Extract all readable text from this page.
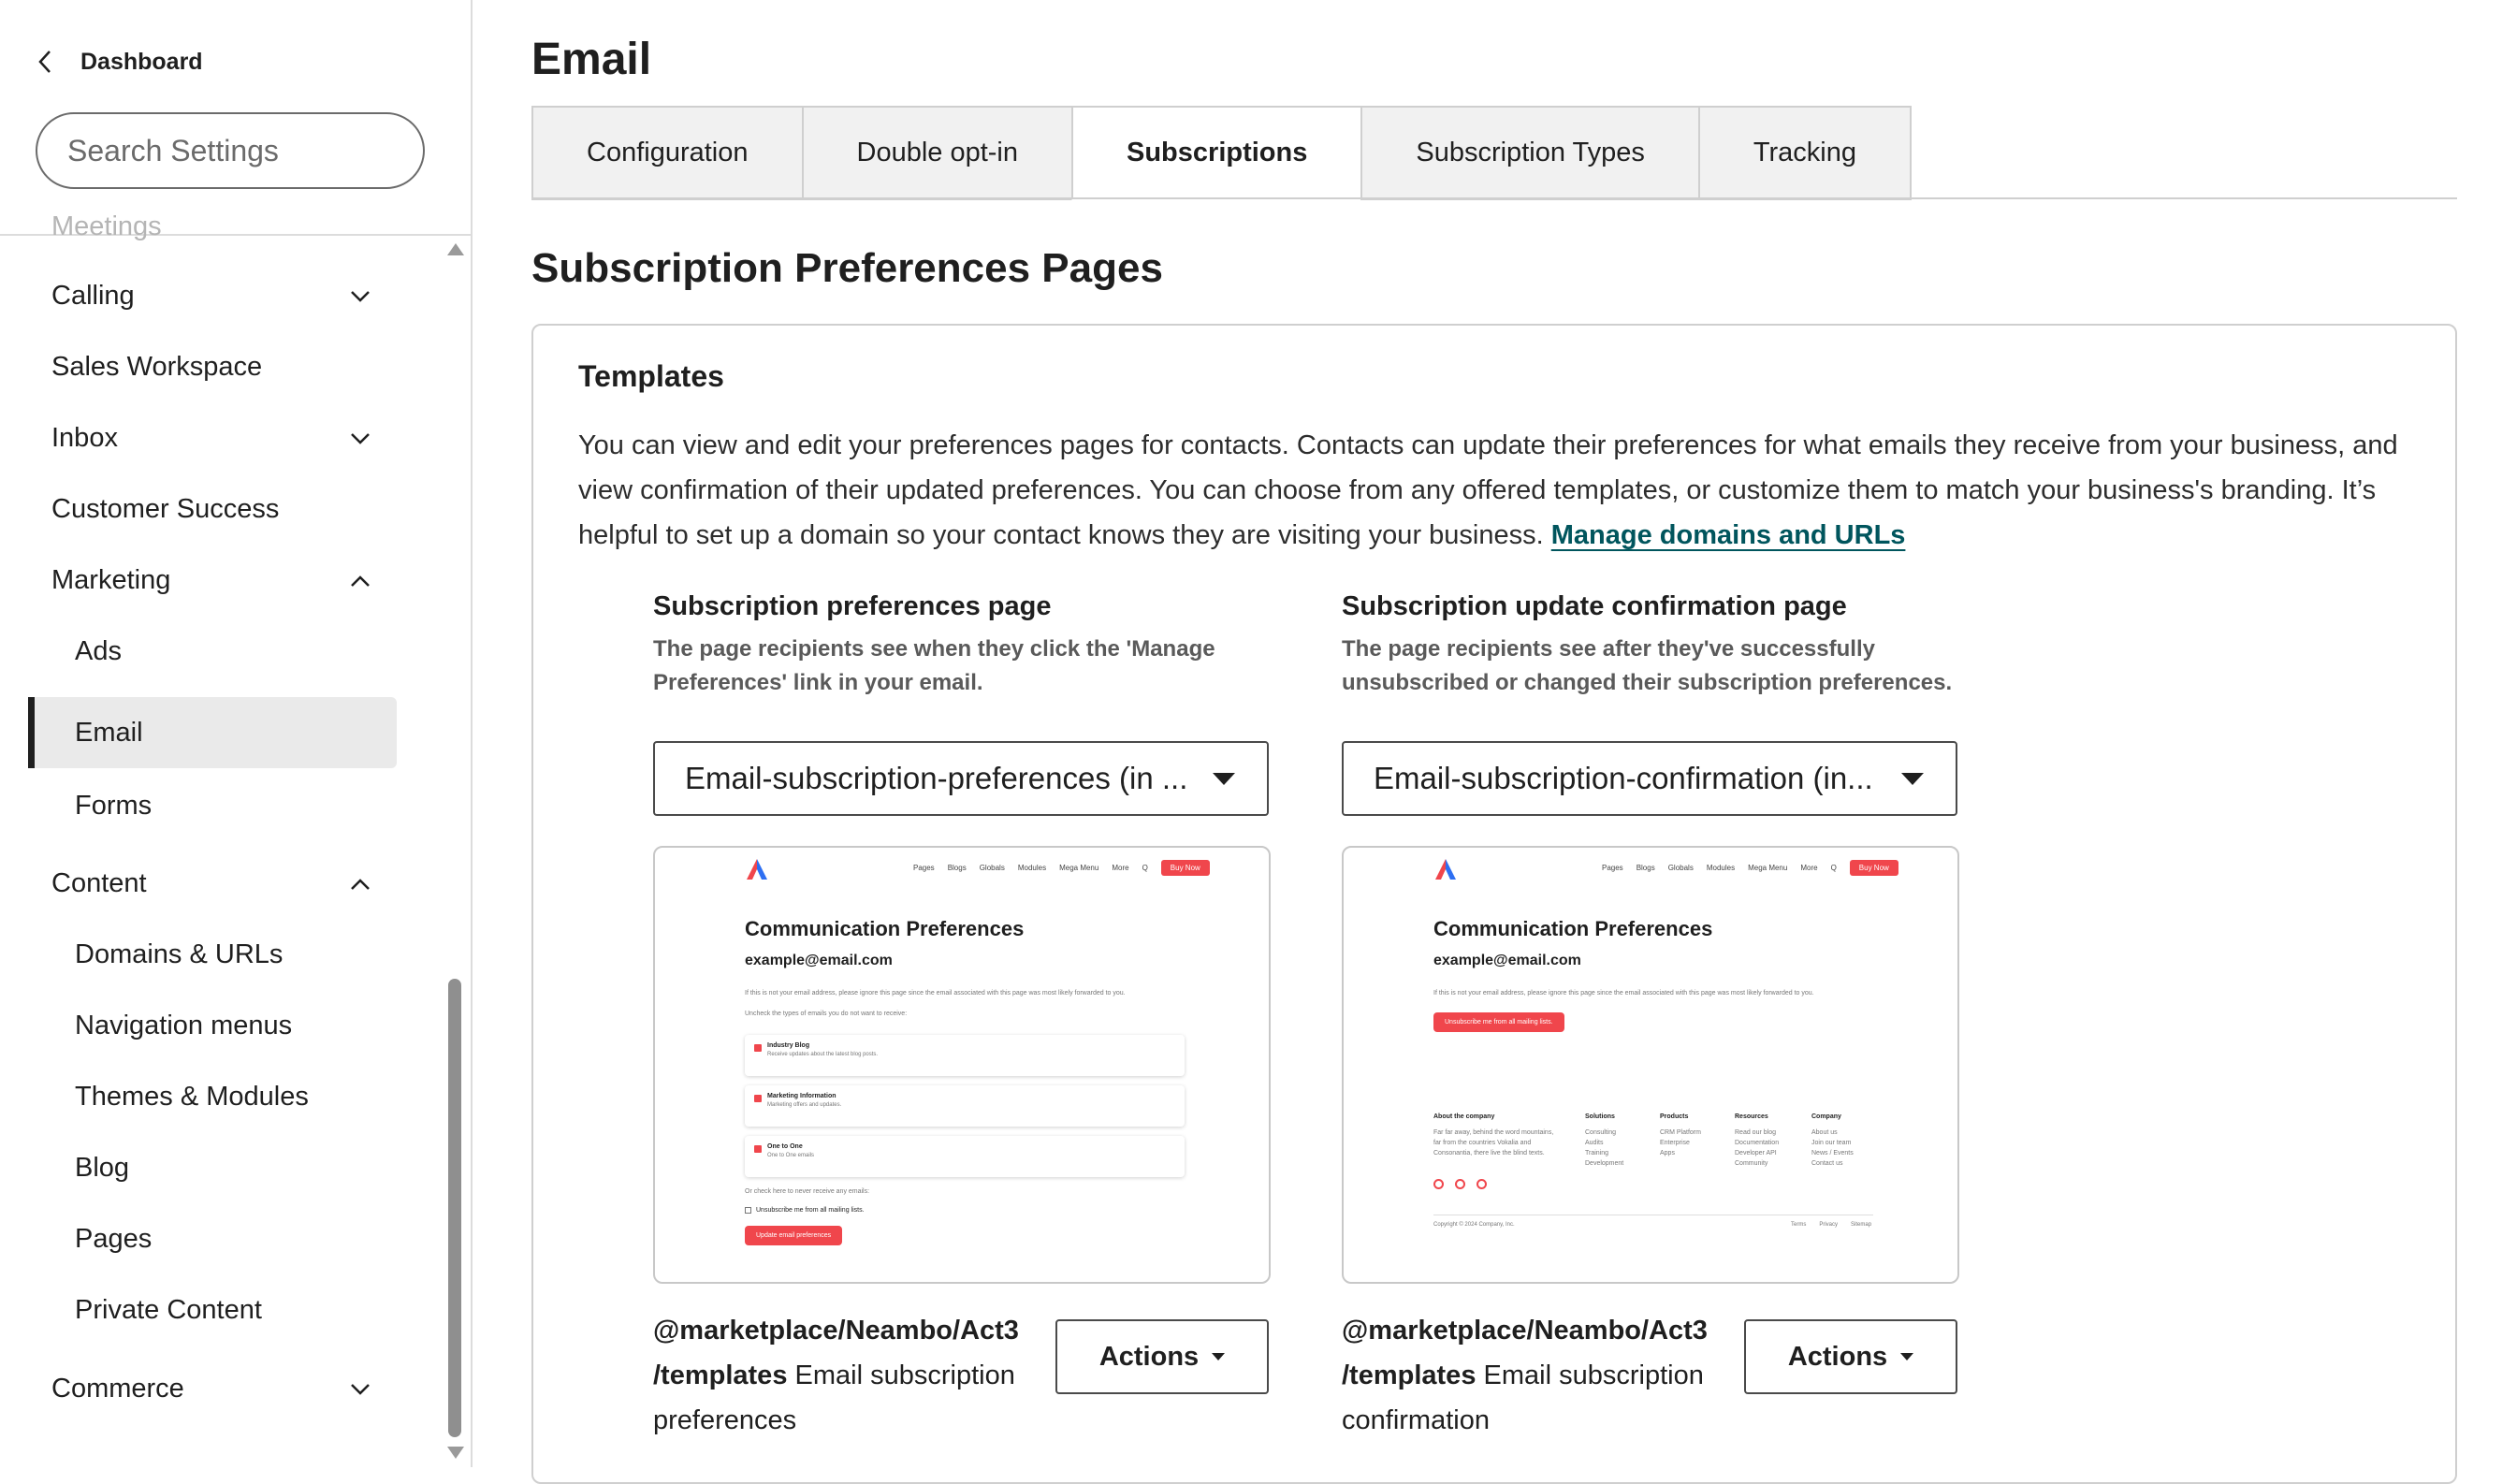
Dashboard
Search Settings
Meetings
Calling
Sales Workspace
Inbox
Customer Success
Marketing
Ads
Email
Forms
Content
Domains & URLs
Navigation menus
Themes & Modules
Blog
Pages
Private Content
Commerce
Email
Configuration	Double opt-in	Subscriptions	Subscription Types	Tracking
Subscription Preferences Pages
Templates

You can view and edit your preferences pages for contacts. Contacts can update their preferences for what emails they receive from your business, and view confirmation of their updated preferences. You can choose from any offered templates, or customize them to match your business's branding. It’s helpful to set up a domain so your contact knows they are visiting your business. Manage domains and URLs

Subscription preferences page
The page recipients see when they click the 'Manage Preferences' link in your email.
Email-subscription-preferences (in ...
Pages Blogs Globals Modules Mega Menu More Q	Buy Now
Communication Preferences
example@email.com
If this is not your email address, please ignore this page since the email associated with this page was most likely forwarded to you.
Uncheck the types of emails you do not want to receive:
Industry Blog
Receive updates about the latest blog posts.
Marketing Information
Marketing offers and updates.
One to One
One to One emails
Or check here to never receive any emails:
Unsubscribe me from all mailing lists.
Update email preferences
@marketplace/Neambo/Act3 /templates Email subscription preferences
Actions
Subscription update confirmation page
The page recipients see after they've successfully unsubscribed or changed their subscription preferences.
Email-subscription-confirmation (in...
Pages Blogs Globals Modules Mega Menu More Q	Buy Now
Communication Preferences
example@email.com
If this is not your email address, please ignore this page since the email associated with this page was most likely forwarded to you.
Unsubscribe me from all mailing lists.
About the company
Far far away, behind the word mountains, far from the countries Vokalia and Consonantia, there live the blind texts.
Solutions
Consulting
Audits
Training
Development
Products
CRM Platform
Enterprise
Apps
Resources
Read our blog
Documentation
Developer API
Community
Company
About us
Join our team
News / Events
Contact us
Copyright © 2024 Company, Inc.	Terms Privacy Sitemap
@marketplace/Neambo/Act3 /templates Email subscription confirmation
Actions
